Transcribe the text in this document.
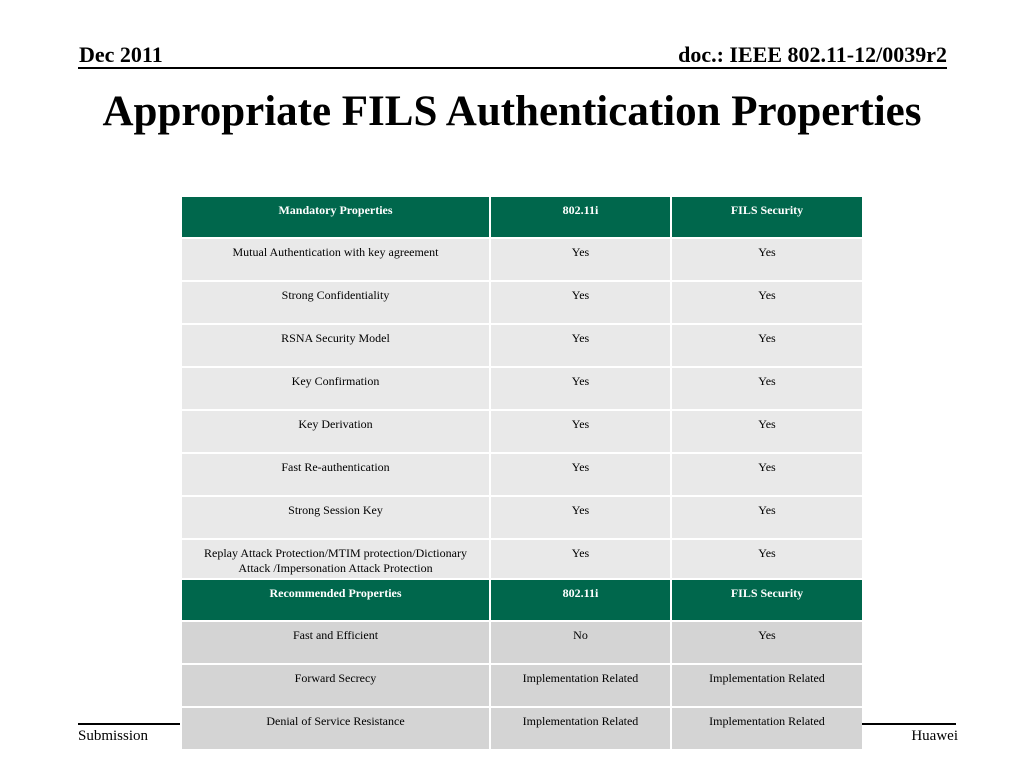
Dec 2011	doc.: IEEE 802.11-12/0039r2
Appropriate FILS Authentication Properties
Mandatory Properties	802.11i	FILS Security
Mutual Authentication with key agreement	Yes	Yes
Strong Confidentiality	Yes	Yes
RSNA Security Model	Yes	Yes
Key Confirmation	Yes	Yes
Key Derivation	Yes	Yes
Fast Re-authentication	Yes	Yes
Strong Session Key	Yes	Yes
Replay Attack Protection/MTIM protection/Dictionary Attack /Impersonation Attack Protection	Yes	Yes
Recommended Properties	802.11i	FILS Security
Fast and Efficient	No	Yes
Forward Secrecy	Implementation Related	Implementation Related
Denial of Service Resistance	Implementation Related	Implementation Related
Submission	Huawei
